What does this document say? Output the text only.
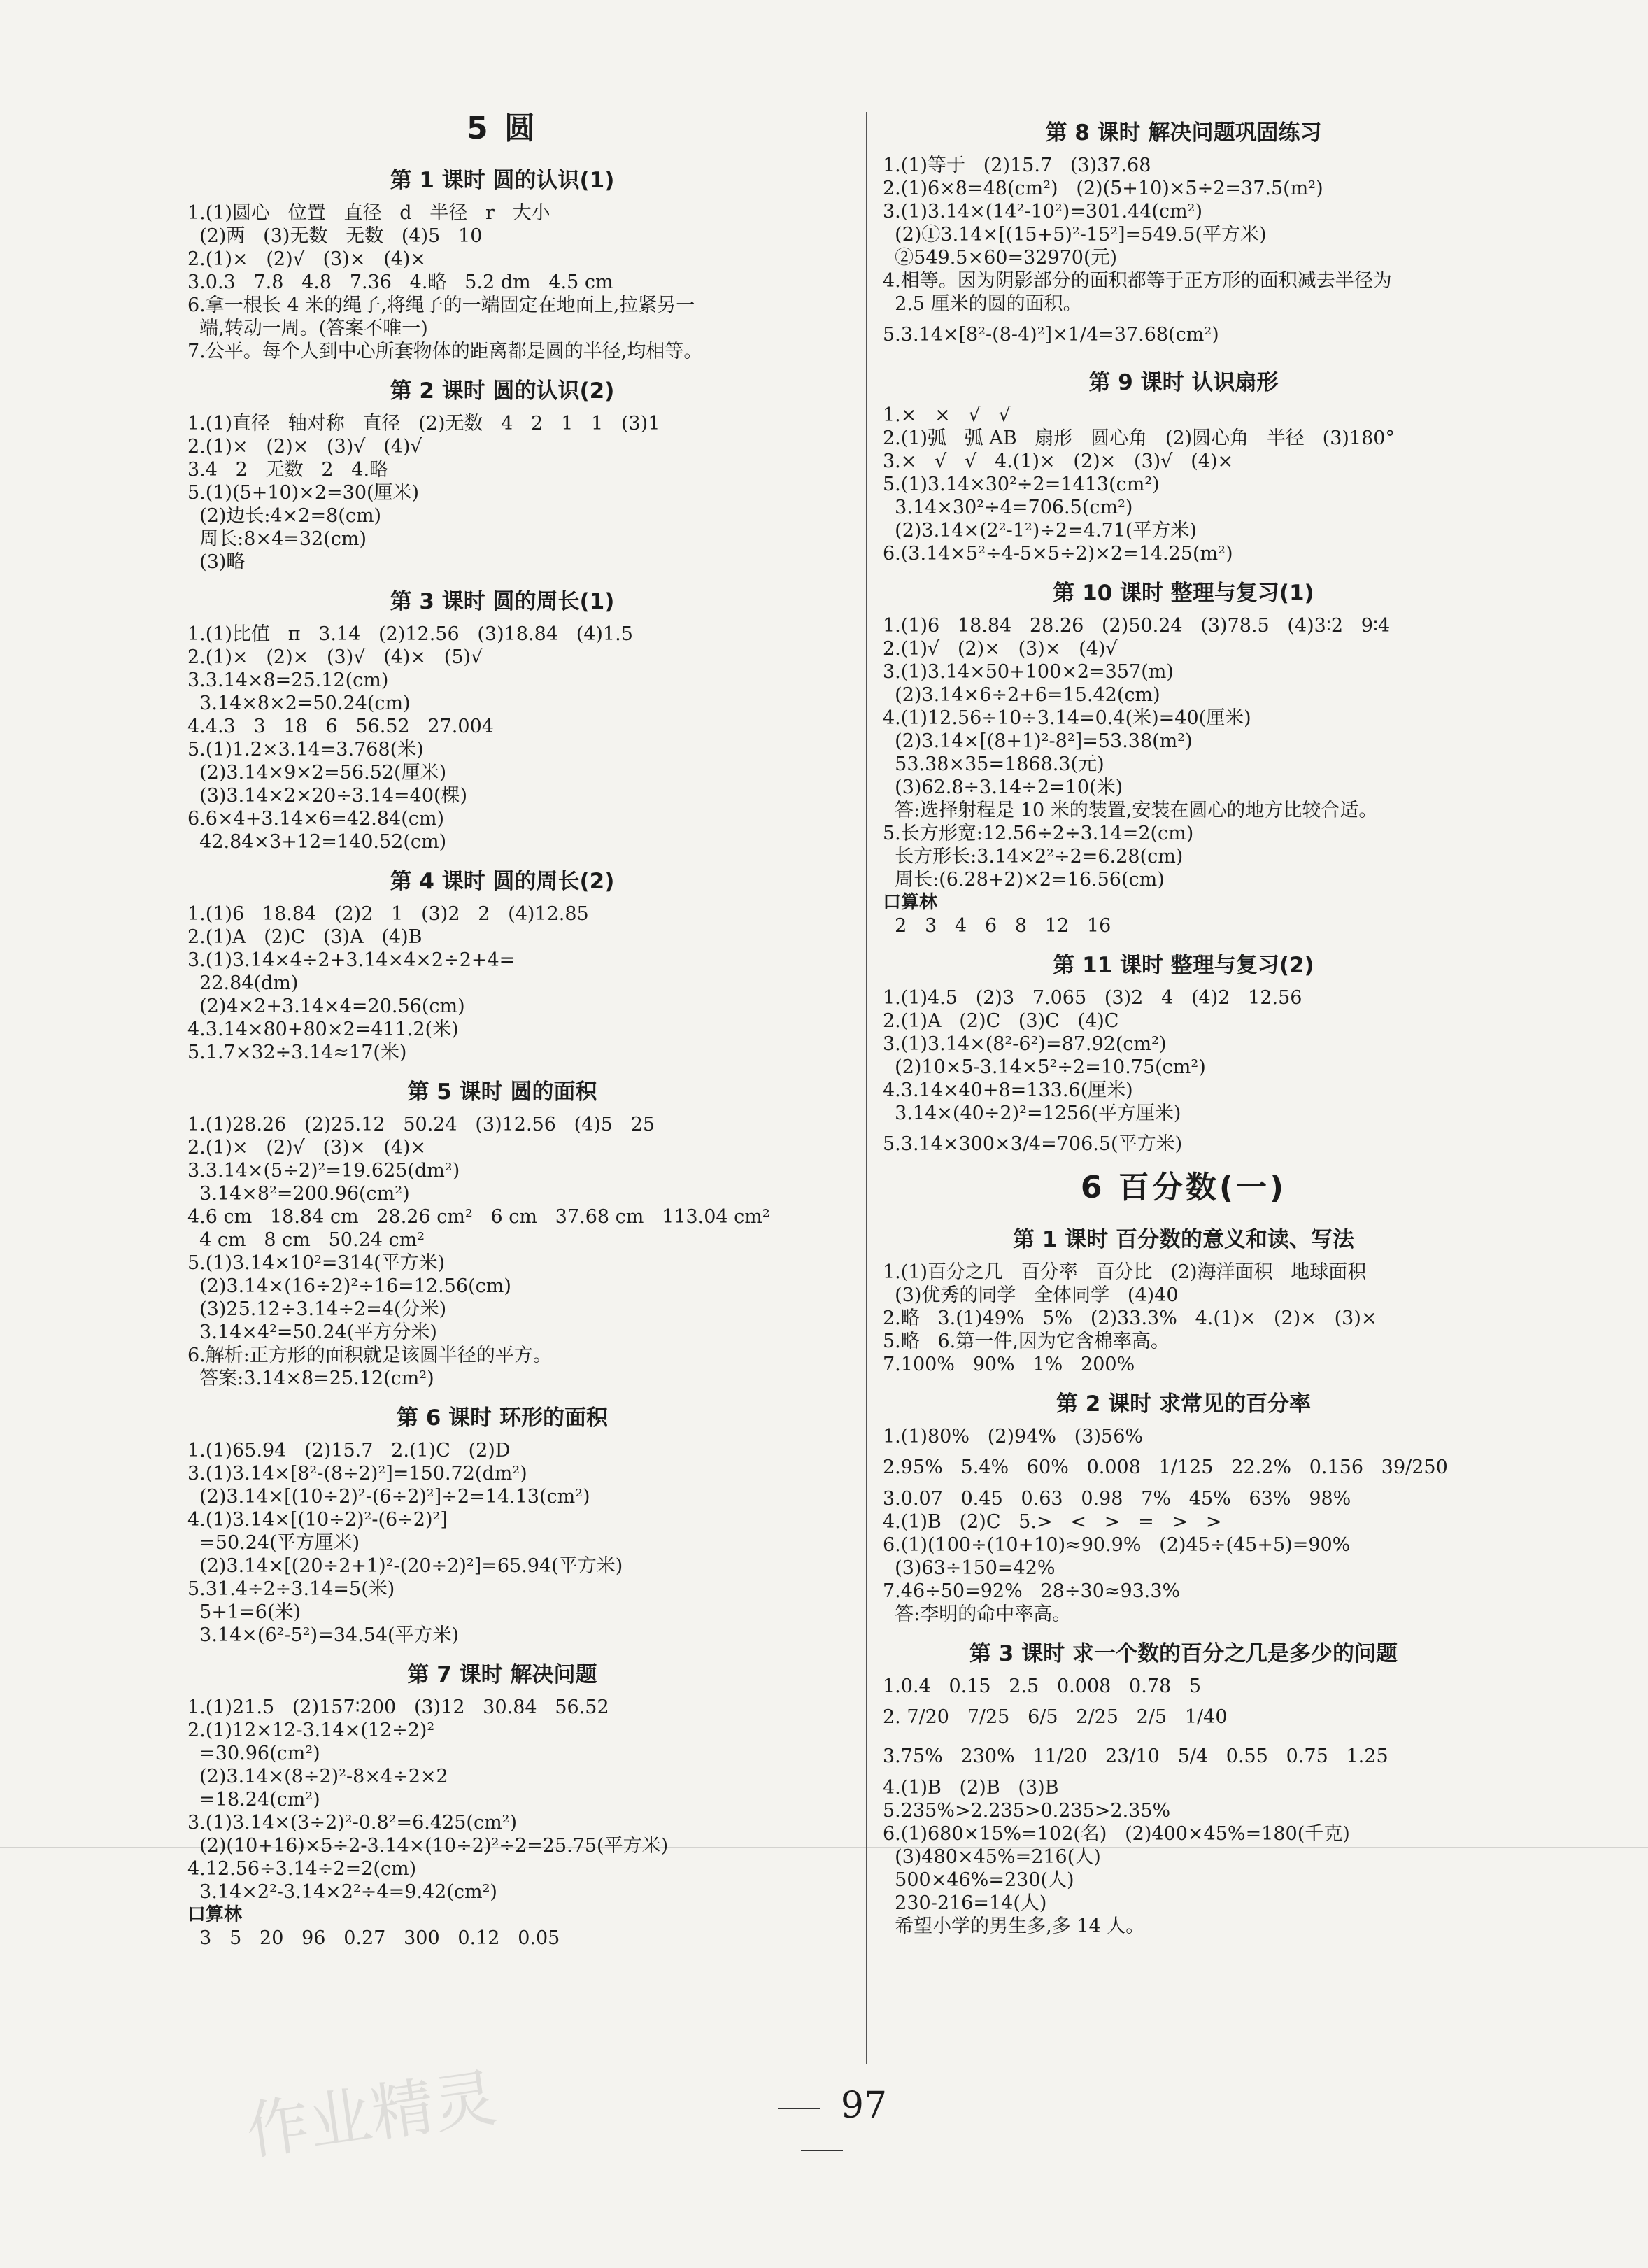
5 圆
第 1 课时 圆的认识(1)
1.(1)圆心   位置   直径   d   半径   r   大小
(2)两   (3)无数   无数   (4)5   10
2.(1)×   (2)√   (3)×   (4)×
3.0.3   7.8   4.8   7.36   4.略   5.2 dm   4.5 cm
6.拿一根长 4 米的绳子,将绳子的一端固定在地面上,拉紧另一
端,转动一周。(答案不唯一)
7.公平。每个人到中心所套物体的距离都是圆的半径,均相等。
第 2 课时 圆的认识(2)
1.(1)直径   轴对称   直径   (2)无数   4   2   1   1   (3)1
2.(1)×   (2)×   (3)√   (4)√
3.4   2   无数   2   4.略
5.(1)(5+10)×2=30(厘米)
(2)边长:4×2=8(cm)
周长:8×4=32(cm)
(3)略
第 3 课时 圆的周长(1)
1.(1)比值   π   3.14   (2)12.56   (3)18.84   (4)1.5
2.(1)×   (2)×   (3)√   (4)×   (5)√
3.3.14×8=25.12(cm)
3.14×8×2=50.24(cm)
4.4.3   3   18   6   56.52   27.004
5.(1)1.2×3.14=3.768(米)
(2)3.14×9×2=56.52(厘米)
(3)3.14×2×20÷3.14=40(棵)
6.6×4+3.14×6=42.84(cm)
42.84×3+12=140.52(cm)
第 4 课时 圆的周长(2)
1.(1)6   18.84   (2)2   1   (3)2   2   (4)12.85
2.(1)A   (2)C   (3)A   (4)B
3.(1)3.14×4÷2+3.14×4×2÷2+4=
22.84(dm)
(2)4×2+3.14×4=20.56(cm)
4.3.14×80+80×2=411.2(米)
5.1.7×32÷3.14≈17(米)
第 5 课时 圆的面积
1.(1)28.26   (2)25.12   50.24   (3)12.56   (4)5   25
2.(1)×   (2)√   (3)×   (4)×
3.3.14×(5÷2)²=19.625(dm²)
3.14×8²=200.96(cm²)
4.6 cm   18.84 cm   28.26 cm²   6 cm   37.68 cm   113.04 cm²
4 cm   8 cm   50.24 cm²
5.(1)3.14×10²=314(平方米)
(2)3.14×(16÷2)²÷16=12.56(cm)
(3)25.12÷3.14÷2=4(分米)
3.14×4²=50.24(平方分米)
6.解析:正方形的面积就是该圆半径的平方。
答案:3.14×8=25.12(cm²)
第 6 课时 环形的面积
1.(1)65.94   (2)15.7   2.(1)C   (2)D
3.(1)3.14×[8²-(8÷2)²]=150.72(dm²)
(2)3.14×[(10÷2)²-(6÷2)²]÷2=14.13(cm²)
4.(1)3.14×[(10÷2)²-(6÷2)²]
=50.24(平方厘米)
(2)3.14×[(20÷2+1)²-(20÷2)²]=65.94(平方米)
5.31.4÷2÷3.14=5(米)
5+1=6(米)
3.14×(6²-5²)=34.54(平方米)
第 7 课时 解决问题
1.(1)21.5   (2)157∶200   (3)12   30.84   56.52
2.(1)12×12-3.14×(12÷2)²
=30.96(cm²)
(2)3.14×(8÷2)²-8×4÷2×2
=18.24(cm²)
3.(1)3.14×(3÷2)²-0.8²=6.425(cm²)
(2)(10+16)×5÷2-3.14×(10÷2)²÷2=25.75(平方米)
4.12.56÷3.14÷2=2(cm)
3.14×2²-3.14×2²÷4=9.42(cm²)
口算林
3   5   20   96   0.27   300   0.12   0.05
第 8 课时 解决问题巩固练习
1.(1)等于   (2)15.7   (3)37.68
2.(1)6×8=48(cm²)   (2)(5+10)×5÷2=37.5(m²)
3.(1)3.14×(14²-10²)=301.44(cm²)
(2)①3.14×[(15+5)²-15²]=549.5(平方米)
②549.5×60=32970(元)
4.相等。因为阴影部分的面积都等于正方形的面积减去半径为
2.5 厘米的圆的面积。
5.3.14×[8²-(8-4)²]×1/4=37.68(cm²)
第 9 课时 认识扇形
1.×   ×   √   √
2.(1)弧   弧 AB   扇形   圆心角   (2)圆心角   半径   (3)180°
3.×   √   √   4.(1)×   (2)×   (3)√   (4)×
5.(1)3.14×30²÷2=1413(cm²)
3.14×30²÷4=706.5(cm²)
(2)3.14×(2²-1²)÷2=4.71(平方米)
6.(3.14×5²÷4-5×5÷2)×2=14.25(m²)
第 10 课时 整理与复习(1)
1.(1)6   18.84   28.26   (2)50.24   (3)78.5   (4)3∶2   9∶4
2.(1)√   (2)×   (3)×   (4)√
3.(1)3.14×50+100×2=357(m)
(2)3.14×6÷2+6=15.42(cm)
4.(1)12.56÷10÷3.14=0.4(米)=40(厘米)
(2)3.14×[(8+1)²-8²]=53.38(m²)
53.38×35=1868.3(元)
(3)62.8÷3.14÷2=10(米)
答:选择射程是 10 米的装置,安装在圆心的地方比较合适。
5.长方形宽:12.56÷2÷3.14=2(cm)
长方形长:3.14×2²÷2=6.28(cm)
周长:(6.28+2)×2=16.56(cm)
口算林
2   3   4   6   8   12   16
第 11 课时 整理与复习(2)
1.(1)4.5   (2)3   7.065   (3)2   4   (4)2   12.56
2.(1)A   (2)C   (3)C   (4)C
3.(1)3.14×(8²-6²)=87.92(cm²)
(2)10×5-3.14×5²÷2=10.75(cm²)
4.3.14×40+8=133.6(厘米)
3.14×(40÷2)²=1256(平方厘米)
5.3.14×300×3/4=706.5(平方米)
6 百分数(一)
第 1 课时 百分数的意义和读、写法
1.(1)百分之几   百分率   百分比   (2)海洋面积   地球面积
(3)优秀的同学   全体同学   (4)40
2.略   3.(1)49%   5%   (2)33.3%   4.(1)×   (2)×   (3)×
5.略   6.第一件,因为它含棉率高。
7.100%   90%   1%   200%
第 2 课时 求常见的百分率
1.(1)80%   (2)94%   (3)56%
2.95%   5.4%   60%   0.008   1/125   22.2%   0.156   39/250
3.0.07   0.45   0.63   0.98   7%   45%   63%   98%
4.(1)B   (2)C   5.>   <   >   =   >   >
6.(1)(100÷(10+10)≈90.9%   (2)45÷(45+5)=90%
(3)63÷150=42%
7.46÷50=92%   28÷30≈93.3%
答:李明的命中率高。
第 3 课时 求一个数的百分之几是多少的问题
1.0.4   0.15   2.5   0.008   0.78   5
2. 7/20   7/25   6/5   2/25   2/5   1/40
3.75%   230%   11/20   23/10   5/4   0.55   0.75   1.25
4.(1)B   (2)B   (3)B
5.235%>2.235>0.235>2.35%
6.(1)680×15%=102(名)   (2)400×45%=180(千克)
(3)480×45%=216(人)
500×46%=230(人)
230-216=14(人)
希望小学的男生多,多 14 人。
作业精灵	97
